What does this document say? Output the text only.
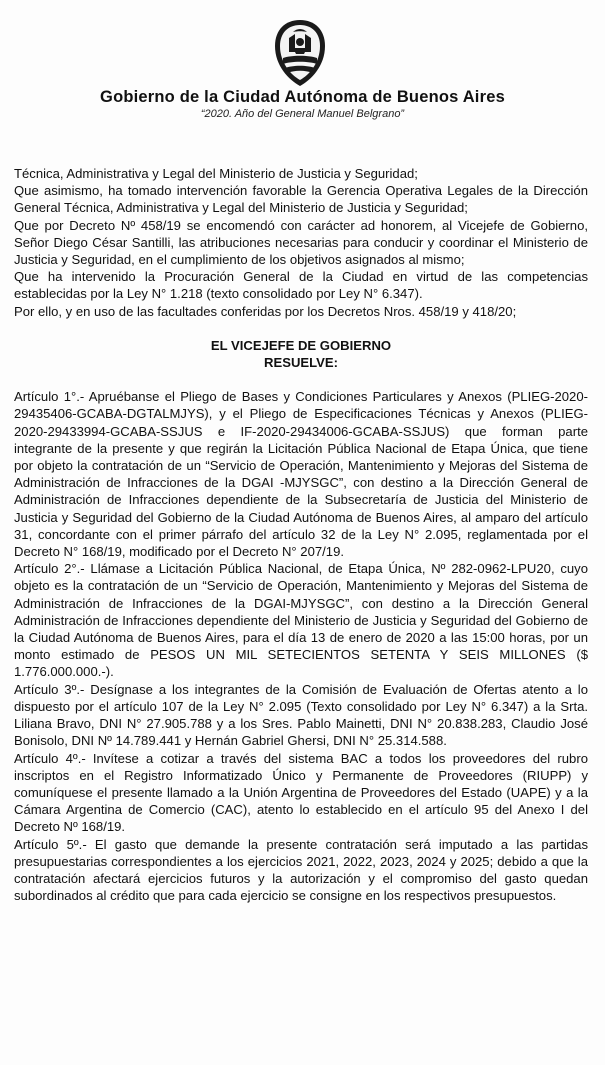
Gobierno de la Ciudad Autónoma de Buenos Aires
“2020. Año del General Manuel Belgrano”

Técnica, Administrativa y Legal del Ministerio de Justicia y Seguridad;

Que asimismo, ha tomado intervención favorable la Gerencia Operativa Legales de la Dirección General Técnica, Administrativa y Legal del Ministerio de Justicia y Seguridad;

Que por Decreto Nº 458/19 se encomendó con carácter ad honorem, al Vicejefe de Gobierno, Señor Diego César Santilli, las atribuciones necesarias para conducir y coordinar el Ministerio de Justicia y Seguridad, en el cumplimiento de los objetivos asignados al mismo;

Que ha intervenido la Procuración General de la Ciudad en virtud de las competencias establecidas por la Ley N° 1.218 (texto consolidado por Ley N° 6.347).

Por ello, y en uso de las facultades conferidas por los Decretos Nros. 458/19 y 418/20;

EL VICEJEFE DE GOBIERNO

RESUELVE:

Artículo 1°.- Apruébanse el Pliego de Bases y Condiciones Particulares y Anexos (PLIEG-2020-29435406-GCABA-DGTALMJYS), y el Pliego de Especificaciones Técnicas y Anexos (PLIEG-2020-29433994-GCABA-SSJUS e IF-2020-29434006-GCABA-SSJUS) que forman parte integrante de la presente y que regirán la Licitación Pública Nacional de Etapa Única, que tiene por objeto la contratación de un “Servicio de Operación, Mantenimiento y Mejoras del Sistema de Administración de Infracciones de la DGAI -MJYSGC”, con destino a la Dirección General de Administración de Infracciones dependiente de la Subsecretaría de Justicia del Ministerio de Justicia y Seguridad del Gobierno de la Ciudad Autónoma de Buenos Aires, al amparo del artículo 31, concordante con el primer párrafo del artículo 32 de la Ley N° 2.095, reglamentada por el Decreto N° 168/19, modificado por el Decreto N° 207/19.

Artículo 2°.- Llámase a Licitación Pública Nacional, de Etapa Única, Nº 282-0962-LPU20, cuyo objeto es la contratación de un “Servicio de Operación, Mantenimiento y Mejoras del Sistema de Administración de Infracciones de la DGAI-MJYSGC”, con destino a la Dirección General Administración de Infracciones dependiente del Ministerio de Justicia y Seguridad del Gobierno de la Ciudad Autónoma de Buenos Aires, para el día 13 de enero de 2020 a las 15:00 horas, por un monto estimado de PESOS UN MIL SETECIENTOS SETENTA Y SEIS MILLONES ($ 1.776.000.000.-).

Artículo 3º.- Desígnase a los integrantes de la Comisión de Evaluación de Ofertas atento a lo dispuesto por el artículo 107 de la Ley N° 2.095 (Texto consolidado por Ley N° 6.347) a la Srta. Liliana Bravo, DNI N° 27.905.788 y a los Sres. Pablo Mainetti, DNI N° 20.838.283, Claudio José Bonisolo, DNI Nº 14.789.441 y Hernán Gabriel Ghersi, DNI N° 25.314.588.

Artículo 4º.- Invítese a cotizar a través del sistema BAC a todos los proveedores del rubro inscriptos en el Registro Informatizado Único y Permanente de Proveedores (RIUPP) y comuníquese el presente llamado a la Unión Argentina de Proveedores del Estado (UAPE) y a la Cámara Argentina de Comercio (CAC), atento lo establecido en el artículo 95 del Anexo I del Decreto Nº 168/19.

Artículo 5º.- El gasto que demande la presente contratación será imputado a las partidas presupuestarias correspondientes a los ejercicios 2021, 2022, 2023, 2024 y 2025; debido a que la contratación afectará ejercicios futuros y la autorización y el compromiso del gasto quedan subordinados al crédito que para cada ejercicio se consigne en los respectivos presupuestos.
